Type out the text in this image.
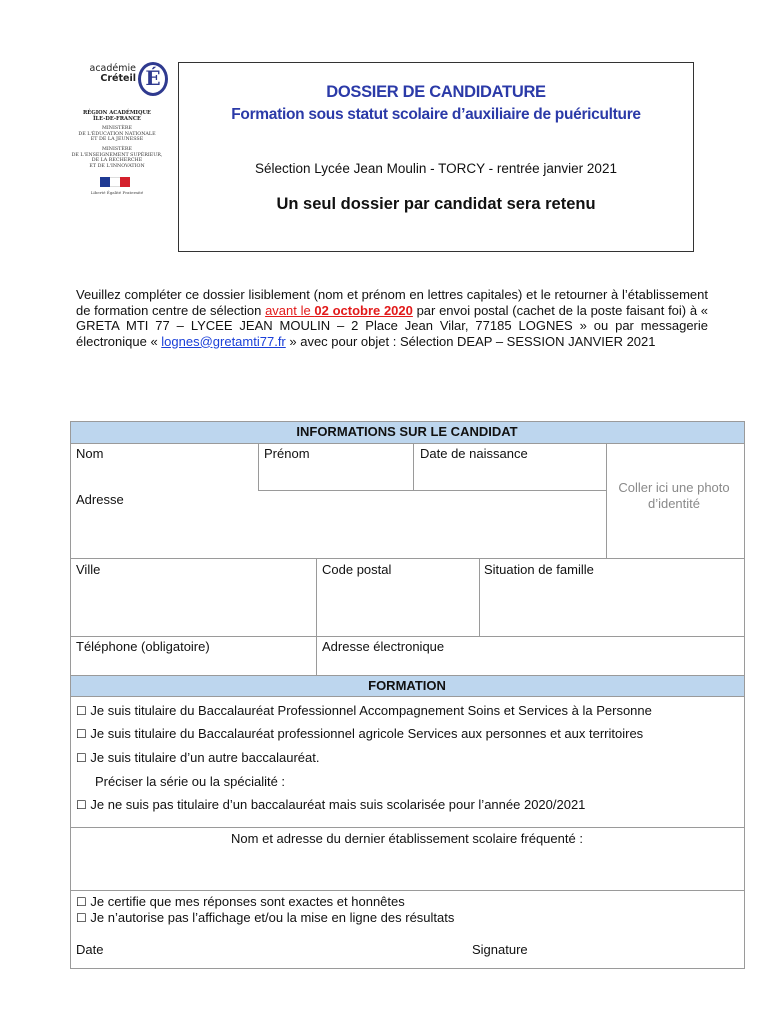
académie
Créteil É
RÉGION ACADÉMIQUE
ÎLE-DE-FRANCE
MINISTÈRE
DE L'ÉDUCATION NATIONALE
ET DE LA JEUNESSE
MINISTÈRE
DE L'ENSEIGNEMENT SUPÉRIEUR,
DE LA RECHERCHE
ET DE L'INNOVATION
Liberté Égalité Fraternité
DOSSIER DE CANDIDATURE
Formation sous statut scolaire d’auxiliaire de puériculture
Sélection Lycée Jean Moulin - TORCY - rentrée janvier 2021
Un seul dossier par candidat sera retenu
Veuillez compléter ce dossier lisiblement (nom et prénom en lettres capitales) et le retourner à l’établissement de formation centre de sélection avant le 02 octobre 2020 par envoi postal (cachet de la poste faisant foi) à « GRETA MTI 77 – LYCEE JEAN MOULIN – 2 Place Jean Vilar, 77185 LOGNES » ou par messagerie électronique « lognes@gretamti77.fr » avec pour objet : Sélection DEAP – SESSION JANVIER 2021
INFORMATIONS SUR LE CANDIDAT
FORMATION
Nom	Prénom	Date de naissance
Coller ici une photo d’identité
Adresse
Ville	Code postal	Situation de famille
Téléphone (obligatoire)	Adresse électronique
☐ Je suis titulaire du Baccalauréat Professionnel Accompagnement Soins et Services à la Personne
☐ Je suis titulaire du Baccalauréat professionnel agricole Services aux personnes et aux territoires
☐ Je suis titulaire d’un autre baccalauréat.
Préciser la série ou la spécialité :
☐ Je ne suis pas titulaire d’un baccalauréat mais suis scolarisée pour l’année 2020/2021
Nom et adresse du dernier établissement scolaire fréquenté :
☐ Je certifie que mes réponses sont exactes et honnêtes
☐ Je n’autorise pas l’affichage et/ou la mise en ligne des résultats
Date	Signature
